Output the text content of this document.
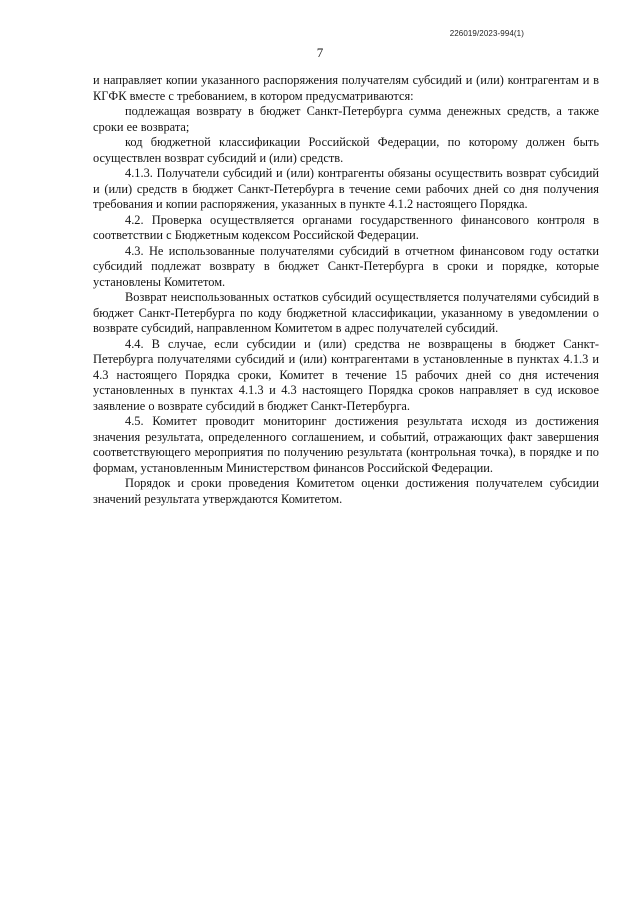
226019/2023-994(1)
7

и направляет копии указанного распоряжения получателям субсидий и (или) контрагентам и в КГФК вместе с требованием, в котором предусматриваются:

подлежащая возврату в бюджет Санкт-Петербурга сумма денежных средств, а также сроки ее возврата;

код бюджетной классификации Российской Федерации, по которому должен быть осуществлен возврат субсидий и (или) средств.

4.1.3. Получатели субсидий и (или) контрагенты обязаны осуществить возврат субсидий и (или) средств в бюджет Санкт-Петербурга в течение семи рабочих дней со дня получения требования и копии распоряжения, указанных в пункте 4.1.2 настоящего Порядка.

4.2. Проверка осуществляется органами государственного финансового контроля в соответствии с Бюджетным кодексом Российской Федерации.

4.3. Не использованные получателями субсидий в отчетном финансовом году остатки субсидий подлежат возврату в бюджет Санкт-Петербурга в сроки и порядке, которые установлены Комитетом.

Возврат неиспользованных остатков субсидий осуществляется получателями субсидий в бюджет Санкт-Петербурга по коду бюджетной классификации, указанному в уведомлении о возврате субсидий, направленном Комитетом в адрес получателей субсидий.

4.4. В случае, если субсидии и (или) средства не возвращены в бюджет Санкт-Петербурга получателями субсидий и (или) контрагентами в установленные в пунктах 4.1.3 и 4.3 настоящего Порядка сроки, Комитет в течение 15 рабочих дней со дня истечения установленных в пунктах 4.1.3 и 4.3 настоящего Порядка сроков направляет в суд исковое заявление о возврате субсидий в бюджет Санкт-Петербурга.

4.5. Комитет проводит мониторинг достижения результата исходя из достижения значения результата, определенного соглашением, и событий, отражающих факт завершения соответствующего мероприятия по получению результата (контрольная точка), в порядке и по формам, установленным Министерством финансов Российской Федерации.

Порядок и сроки проведения Комитетом оценки достижения получателем субсидии значений результата утверждаются Комитетом.
